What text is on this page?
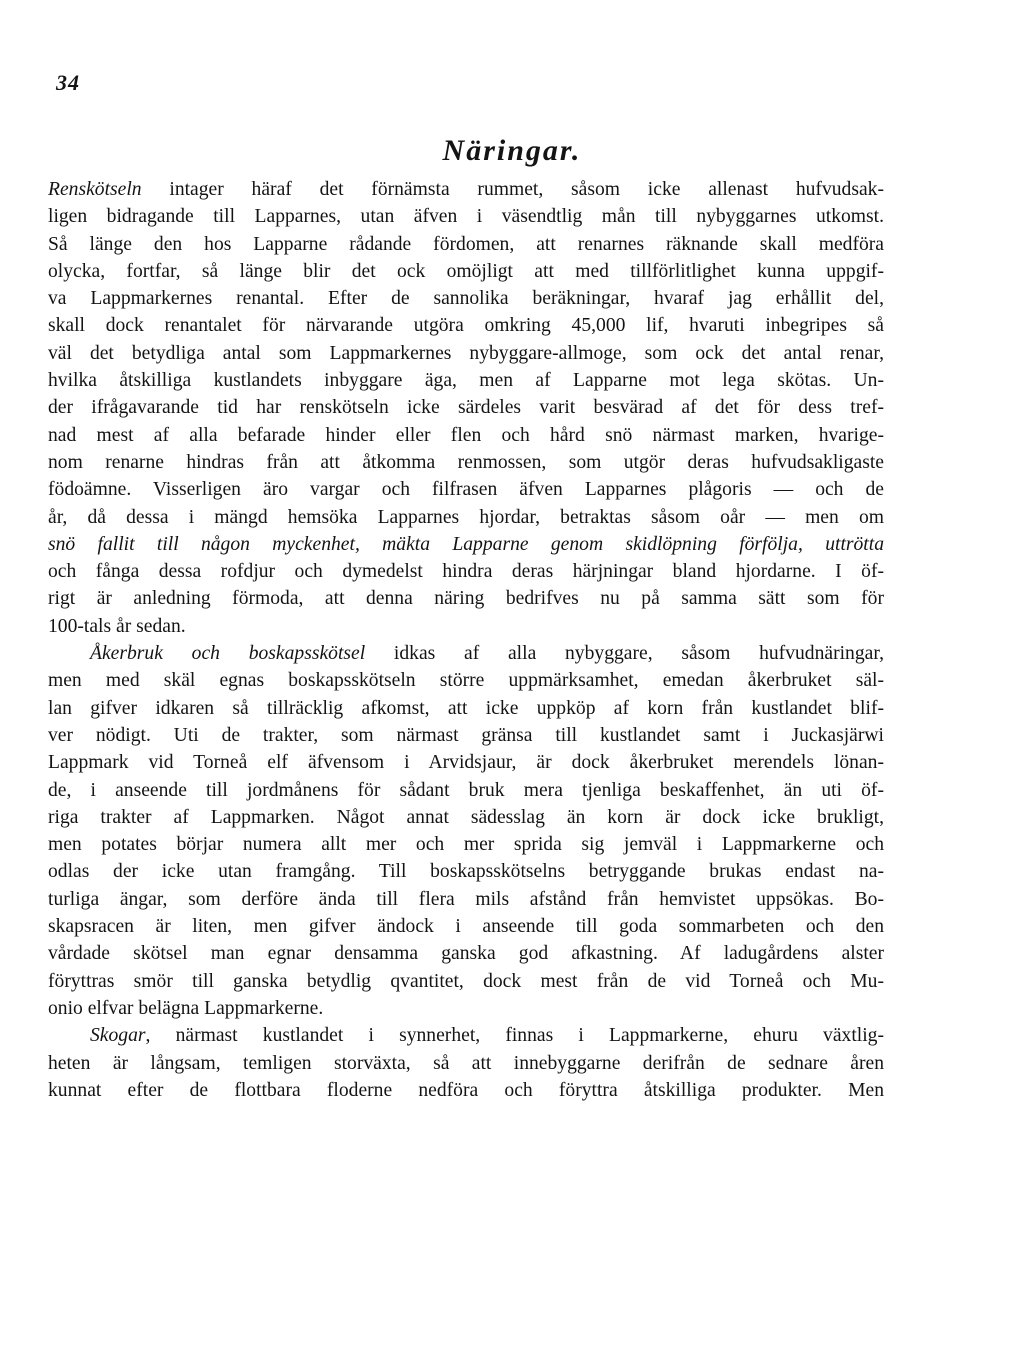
34
Näringar.
Renskötseln intager häraf det förnämsta rummet, såsom icke allenast hufvudsak-
ligen bidragande till Lapparnes, utan äfven i väsendtlig mån till nybyggarnes utkomst.
Så länge den hos Lapparne rådande fördomen, att renarnes räknande skall medföra
olycka, fortfar, så länge blir det ock omöjligt att med tillförlitlighet kunna uppgif-
va Lappmarkernes renantal. Efter de sannolika beräkningar, hvaraf jag erhållit del,
skall dock renantalet för närvarande utgöra omkring 45,000 lif, hvaruti inbegripes så
väl det betydliga antal som Lappmarkernes nybyggare-allmoge, som ock det antal renar,
hvilka åtskilliga kustlandets inbyggare äga, men af Lapparne mot lega skötas. Un-
der ifrågavarande tid har renskötseln icke särdeles varit besvärad af det för dess tref-
nad mest af alla befarade hinder eller flen och hård snö närmast marken, hvarige-
nom renarne hindras från att åtkomma renmossen, som utgör deras hufvudsakligaste
födoämne. Visserligen äro vargar och filfrasen äfven Lapparnes plågoris — och de
år, då dessa i mängd hemsöka Lapparnes hjordar, betraktas såsom oår — men om
snö fallit till någon myckenhet, mäkta Lapparne genom skidlöpning förfölja, uttrötta
och fånga dessa rofdjur och dymedelst hindra deras härjningar bland hjordarne. I öf-
rigt är anledning förmoda, att denna näring bedrifves nu på samma sätt som för
100-tals år sedan.
Åkerbruk och boskapsskötsel idkas af alla nybyggare, såsom hufvudnäringar,
men med skäl egnas boskapsskötseln större uppmärksamhet, emedan åkerbruket säl-
lan gifver idkaren så tillräcklig afkomst, att icke uppköp af korn från kustlandet blif-
ver nödigt. Uti de trakter, som närmast gränsa till kustlandet samt i Juckasjärwi
Lappmark vid Torneå elf äfvensom i Arvidsjaur, är dock åkerbruket merendels lönan-
de, i anseende till jordmånens för sådant bruk mera tjenliga beskaffenhet, än uti öf-
riga trakter af Lappmarken. Något annat sädesslag än korn är dock icke brukligt,
men potates börjar numera allt mer och mer sprida sig jemväl i Lappmarkerne och
odlas der icke utan framgång. Till boskapsskötselns betryggande brukas endast na-
turliga ängar, som derföre ända till flera mils afstånd från hemvistet uppsökas. Bo-
skapsracen är liten, men gifver ändock i anseende till goda sommarbeten och den
vårdade skötsel man egnar densamma ganska god afkastning. Af ladugårdens alster
föryttras smör till ganska betydlig qvantitet, dock mest från de vid Torneå och Mu-
onio elfvar belägna Lappmarkerne.
Skogar, närmast kustlandet i synnerhet, finnas i Lappmarkerne, ehuru växtlig-
heten är långsam, temligen storväxta, så att innebyggarne derifrån de sednare åren
kunnat efter de flottbara floderne nedföra och föryttra åtskilliga produkter. Men
